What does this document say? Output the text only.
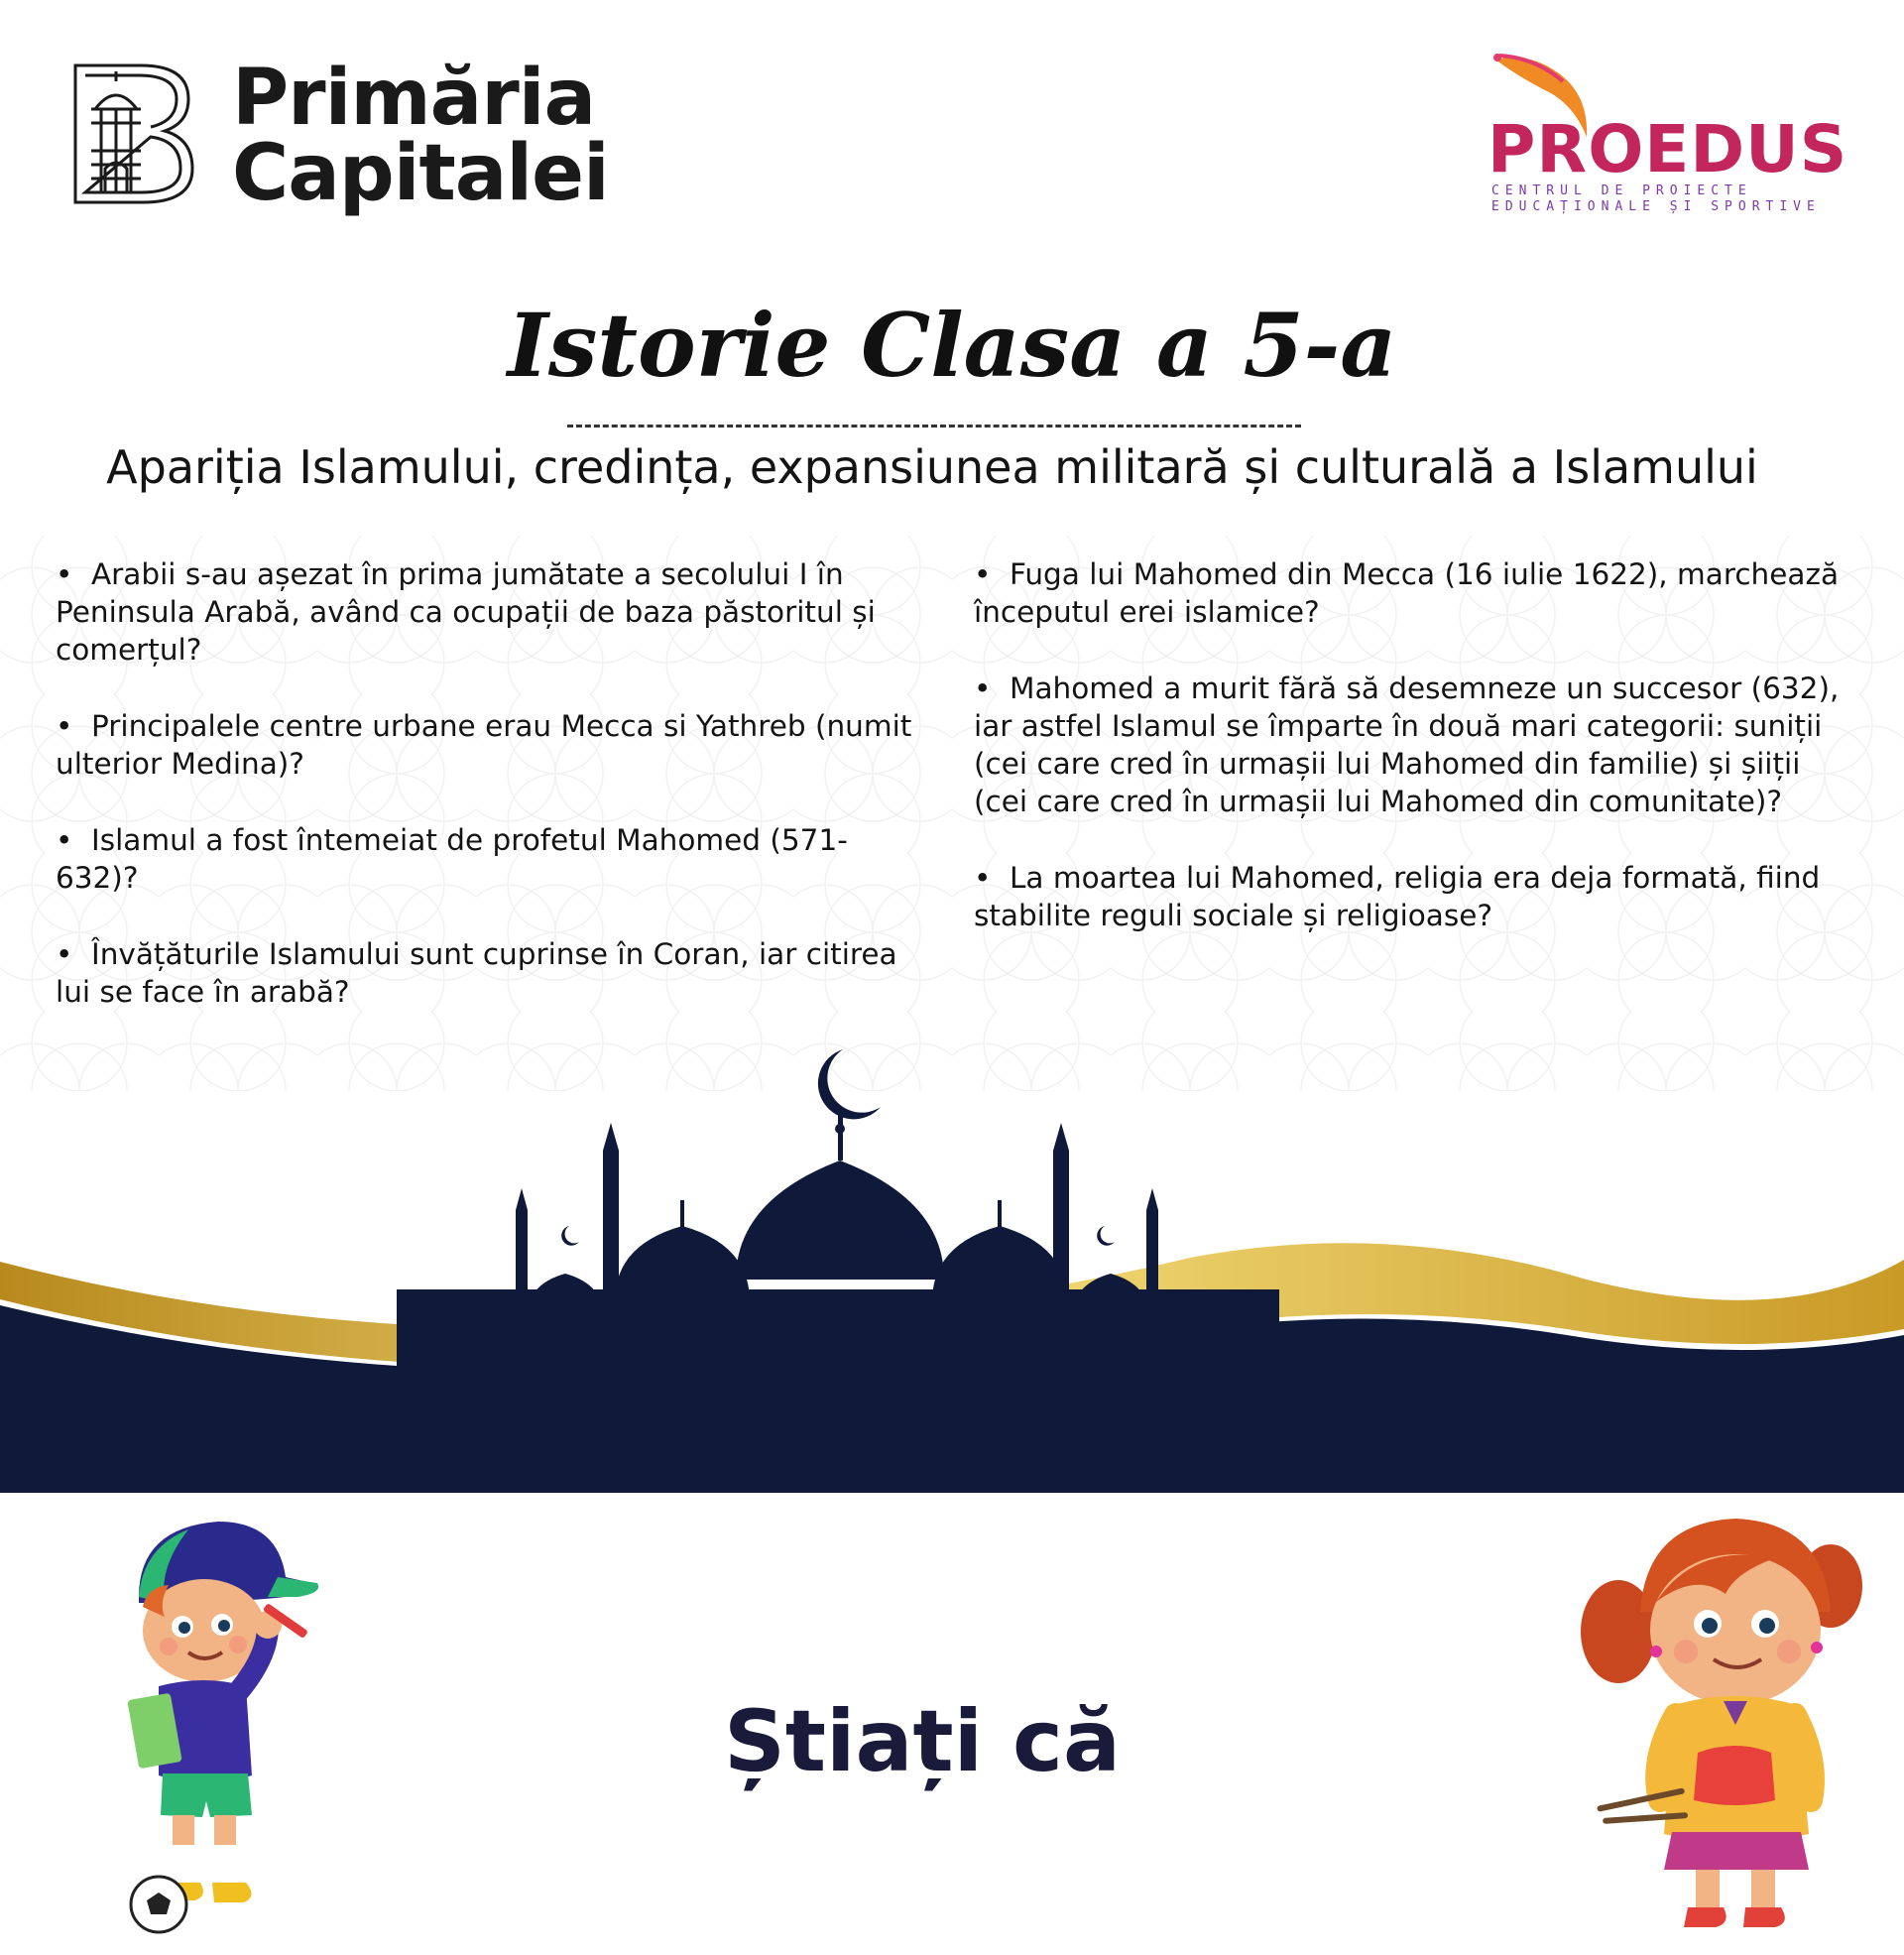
Primăria
Capitalei	PROEDUS
CENTRUL DE PROIECTE
EDUCAȚIONALE ȘI SPORTIVE
Istorie Clasa a 5-a
Apariția Islamului, credința, expansiunea militară și culturală a Islamului

• Arabii s-au așezat în prima jumătate a secolului I în Peninsula Arabă, având ca ocupații de baza păstoritul și comerțul?

• Principalele centre urbane erau Mecca si Yathreb (numit ulterior Medina)?

• Islamul a fost întemeiat de profetul Mahomed (571-632)?

• Învățăturile Islamului sunt cuprinse în Coran, iar citirea lui se face în arabă?

• Fuga lui Mahomed din Mecca (16 iulie 1622), marchează începutul erei islamice?

• Mahomed a murit fără să desemneze un succesor (632), iar astfel Islamul se împarte în două mari categorii: suniții (cei care cred în urmașii lui Mahomed din familie) și șiiții (cei care cred în urmașii lui Mahomed din comunitate)?

• La moartea lui Mahomed, religia era deja formată, fiind stabilite reguli sociale și religioase?

Știați că
